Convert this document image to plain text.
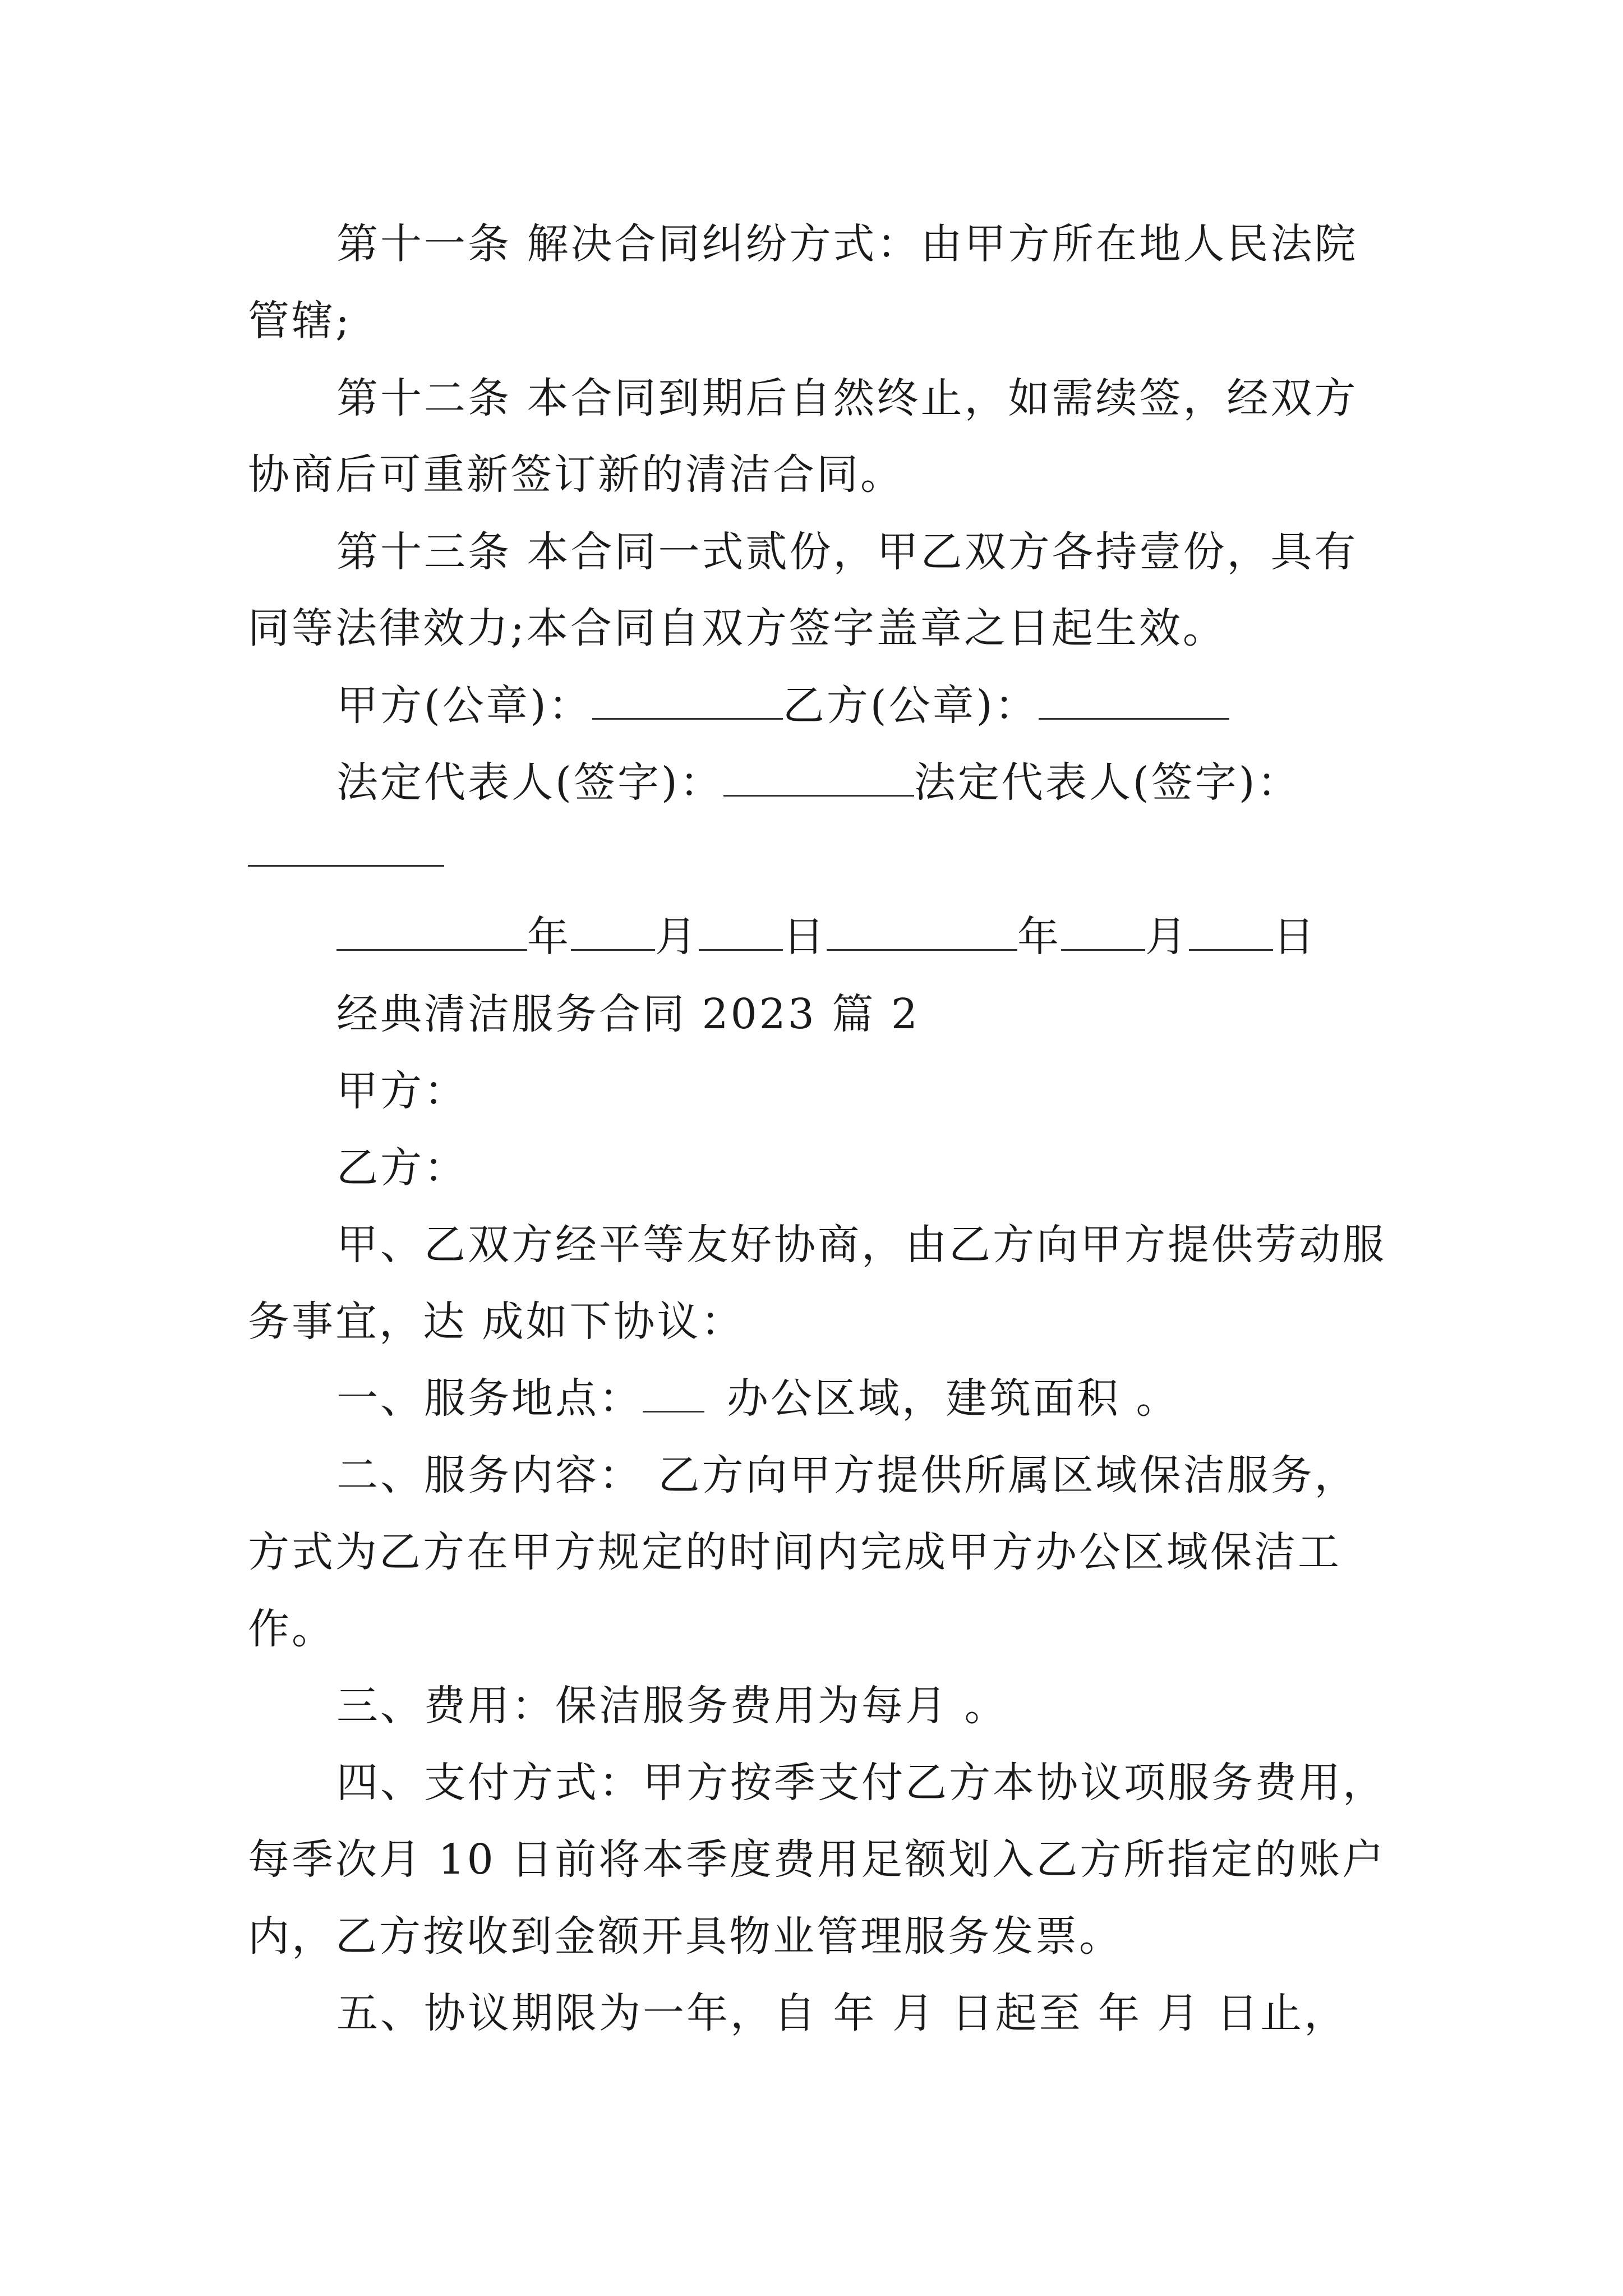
第十一条 解决合同纠纷方式：由甲方所在地人民法院
管辖;
第十二条 本合同到期后自然终止，如需续签，经双方
协商后可重新签订新的清洁合同。
第十三条 本合同一式贰份，甲乙双方各持壹份，具有
同等法律效力;本合同自双方签字盖章之日起生效。
甲方(公章)：	乙方(公章)：
法定代表人(签字)：	法定代表人(签字)：
年 月 日	年 月 日
经典清洁服务合同 2023 篇 2
甲方：
乙方：
甲、乙双方经平等友好协商，由乙方向甲方提供劳动服
务事宜，达 成如下协议：
一、服务地点： 办公区域，建筑面积 。
二、服务内容： 乙方向甲方提供所属区域保洁服务，
方式为乙方在甲方规定的时间内完成甲方办公区域保洁工
作。
三、费用：保洁服务费用为每月 。
四、支付方式：甲方按季支付乙方本协议项服务费用，
每季次月 10 日前将本季度费用足额划入乙方所指定的账户
内，乙方按收到金额开具物业管理服务发票。
五、协议期限为一年，自 年 月 日起至 年 月 日止，
